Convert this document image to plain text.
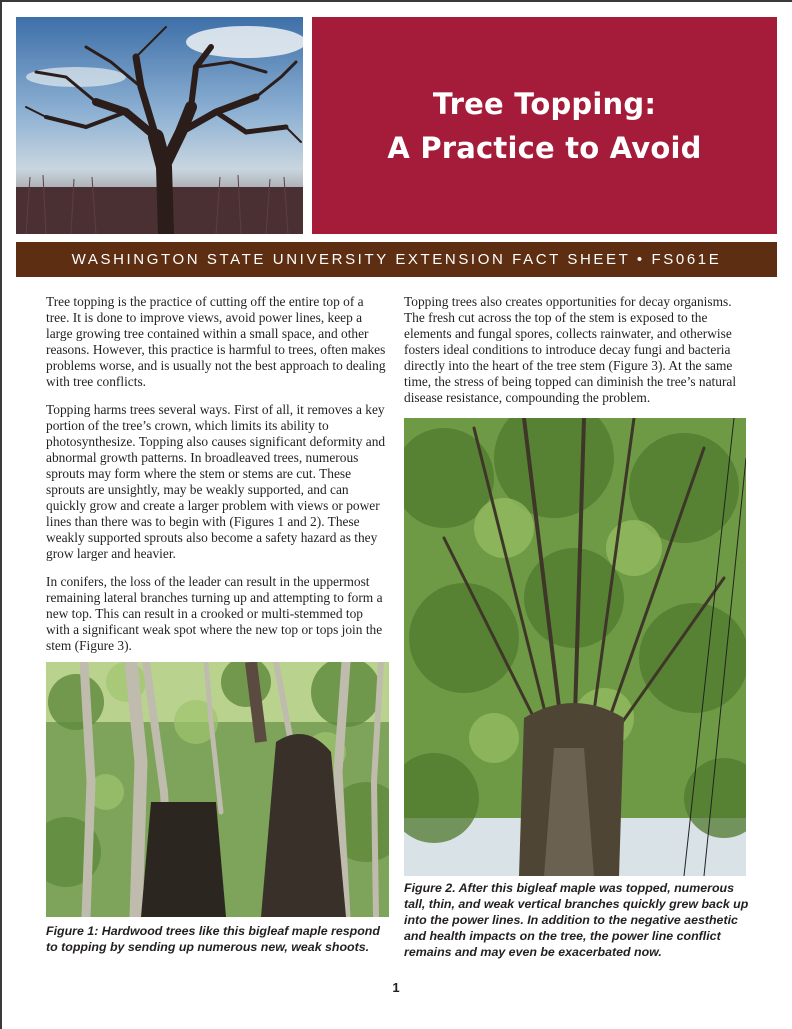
Tree Topping:
A Practice to Avoid
WASHINGTON STATE UNIVERSITY EXTENSION FACT SHEET • FS061E

Tree topping is the practice of cutting off the entire top of a tree. It is done to improve views, avoid power lines, keep a large growing tree contained within a small space, and other reasons. However, this practice is harmful to trees, often makes problems worse, and is usually not the best approach to dealing with tree conflicts.

Topping harms trees several ways. First of all, it removes a key portion of the tree’s crown, which limits its ability to photosynthesize. Topping also causes significant deformity and abnormal growth patterns. In broadleaved trees, numerous sprouts may form where the stem or stems are cut. These sprouts are unsightly, may be weakly supported, and can quickly grow and create a larger problem with views or power lines than there was to begin with (Figures 1 and 2). These weakly supported sprouts also become a safety hazard as they grow larger and heavier.

In conifers, the loss of the leader can result in the uppermost remaining lateral branches turning up and attempting to form a new top. This can result in a crooked or multi-stemmed top with a significant weak spot where the new top or tops join the stem (Figure 3).

Topping trees also creates opportunities for decay organisms. The fresh cut across the top of the stem is exposed to the elements and fungal spores, collects rainwater, and otherwise fosters ideal conditions to introduce decay fungi and bacteria directly into the heart of the tree stem (Figure 3). At the same time, the stress of being topped can diminish the tree’s natural disease resistance, compounding the problem.

Figure 1: Hardwood trees like this bigleaf maple respond to topping by sending up numerous new, weak shoots.
Figure 2. After this bigleaf maple was topped, numerous tall, thin, and weak vertical branches quickly grew back up into the power lines. In addition to the negative aesthetic and health impacts on the tree, the power line conflict remains and may even be exacerbated now.
1
